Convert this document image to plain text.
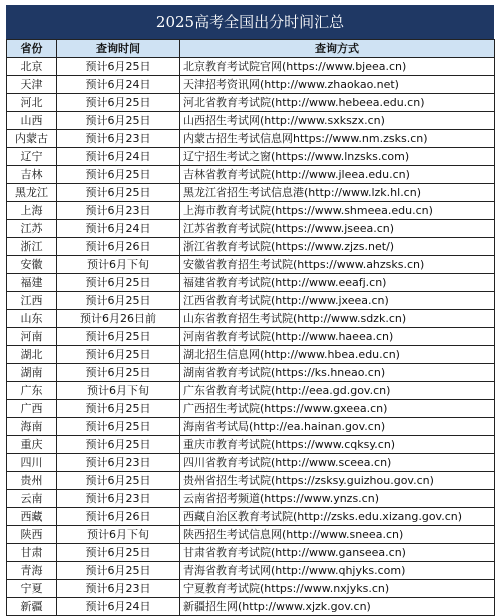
2025高考全国出分时间汇总
省份	查询时间	查询方式
北京	预计6月25日	北京教育考试院官网(https://www.bjeea.cn)
天津	预计6月24日	天津招考资讯网(http://www.zhaokao.net)
河北	预计6月25日	河北省教育考试院(http://www.hebeea.edu.cn)
山西	预计6月25日	山西招生考试网(http://www.sxkszx.cn)
内蒙古	预计6月23日	内蒙古招生考试信息网https://www.nm.zsks.cn)
辽宁	预计6月24日	辽宁招生考试之窗(https://www.lnzsks.com)
吉林	预计6月25日	吉林省教育考试院(http://www.jleea.edu.cn)
黑龙江	预计6月25日	黑龙江省招生考试信息港(http://www.lzk.hl.cn)
上海	预计6月23日	上海市教育考试院(https://www.shmeea.edu.cn)
江苏	预计6月24日	江苏省教育考试院(https://www.jseea.cn)
浙江	预计6月26日	浙江省教育考试院(https://www.zjzs.net/)
安徽	预计6月下旬	安徽省教育招生考试院(https://www.ahzsks.cn)
福建	预计6月25日	福建省教育考试院(http://www.eeafj.cn)
江西	预计6月25日	江西省教育考试院(http://www.jxeea.cn)
山东	预计6月26日前	山东省教育招生考试院(http://www.sdzk.cn)
河南	预计6月25日	河南省教育考试院(http://www.haeea.cn)
湖北	预计6月25日	湖北招生信息网(http://www.hbea.edu.cn)
湖南	预计6月25日	湖南省教育考试院(https://ks.hneao.cn)
广东	预计6月下旬	广东省教育考试院(http://eea.gd.gov.cn)
广西	预计6月25日	广西招生考试院(https://www.gxeea.cn)
海南	预计6月25日	海南省考试局(http://ea.hainan.gov.cn)
重庆	预计6月25日	重庆市教育考试院(https://www.cqksy.cn)
四川	预计6月23日	四川省教育考试院(http://www.sceea.cn)
贵州	预计6月25日	贵州省招生考试院(https://zsksy.guizhou.gov.cn)
云南	预计6月23日	云南省招考频道(https://www.ynzs.cn)
西藏	预计6月26日	西藏自治区教育考试院(http://zsks.edu.xizang.gov.cn)
陕西	预计6月下旬	陕西招生考试信息网(http://www.sneea.cn)
甘肃	预计6月25日	甘肃省教育考试院(http://www.ganseea.cn)
青海	预计6月25日	青海省教育考试网(http://www.qhjyks.com)
宁夏	预计6月23日	宁夏教育考试院(https://www.nxjyks.cn)
新疆	预计6月24日	新疆招生网(http://www.xjzk.gov.cn)
